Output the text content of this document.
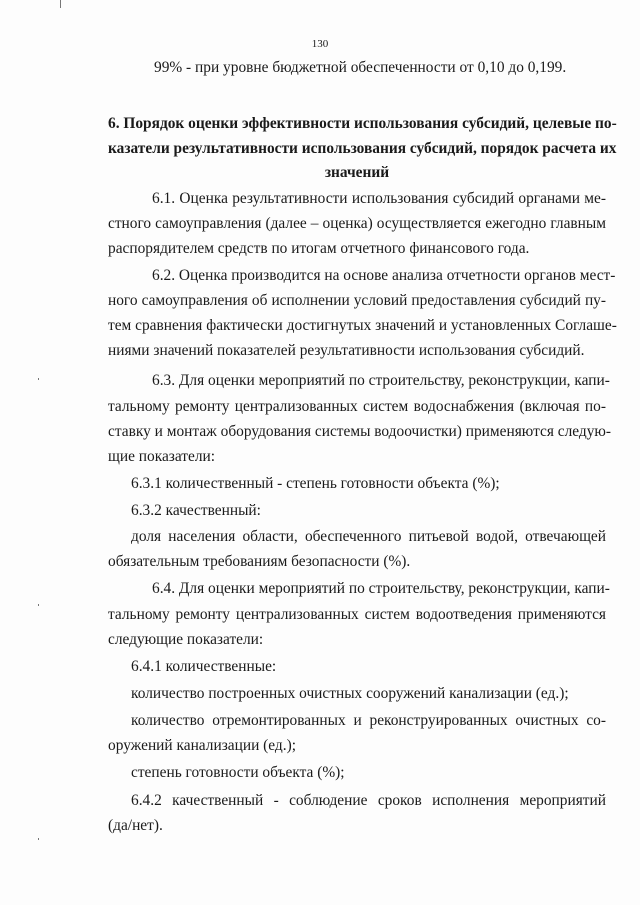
130
99% - при уровне бюджетной обеспеченности от 0,10 до 0,199.
6. Порядок оценки эффективности использования субсидий, целевые по-
казатели результативности использования субсидий, порядок расчета их
значений
6.1. Оценка результативности использования субсидий органами ме-
стного самоуправления (далее – оценка) осуществляется ежегодно главным
распорядителем средств по итогам отчетного финансового года.
6.2. Оценка производится на основе анализа отчетности органов мест-
ного самоуправления об исполнении условий предоставления субсидий пу-
тем сравнения фактически достигнутых значений и установленных Соглаше-
ниями значений показателей результативности использования субсидий.
6.3. Для оценки мероприятий по строительству, реконструкции, капи-
тальному ремонту централизованных систем водоснабжения (включая по-
ставку и монтаж оборудования системы водоочистки) применяются следую-
щие показатели:
6.3.1 количественный - степень готовности объекта (%);
6.3.2 качественный:
доля населения области, обеспеченного питьевой водой, отвечающей
обязательным требованиям безопасности (%).
6.4. Для оценки мероприятий по строительству, реконструкции, капи-
тальному ремонту централизованных систем водоотведения применяются
следующие показатели:
6.4.1 количественные:
количество построенных очистных сооружений канализации (ед.);
количество отремонтированных и реконструированных очистных со-
оружений канализации (ед.);
степень готовности объекта (%);
6.4.2 качественный - соблюдение сроков исполнения мероприятий
(да/нет).
